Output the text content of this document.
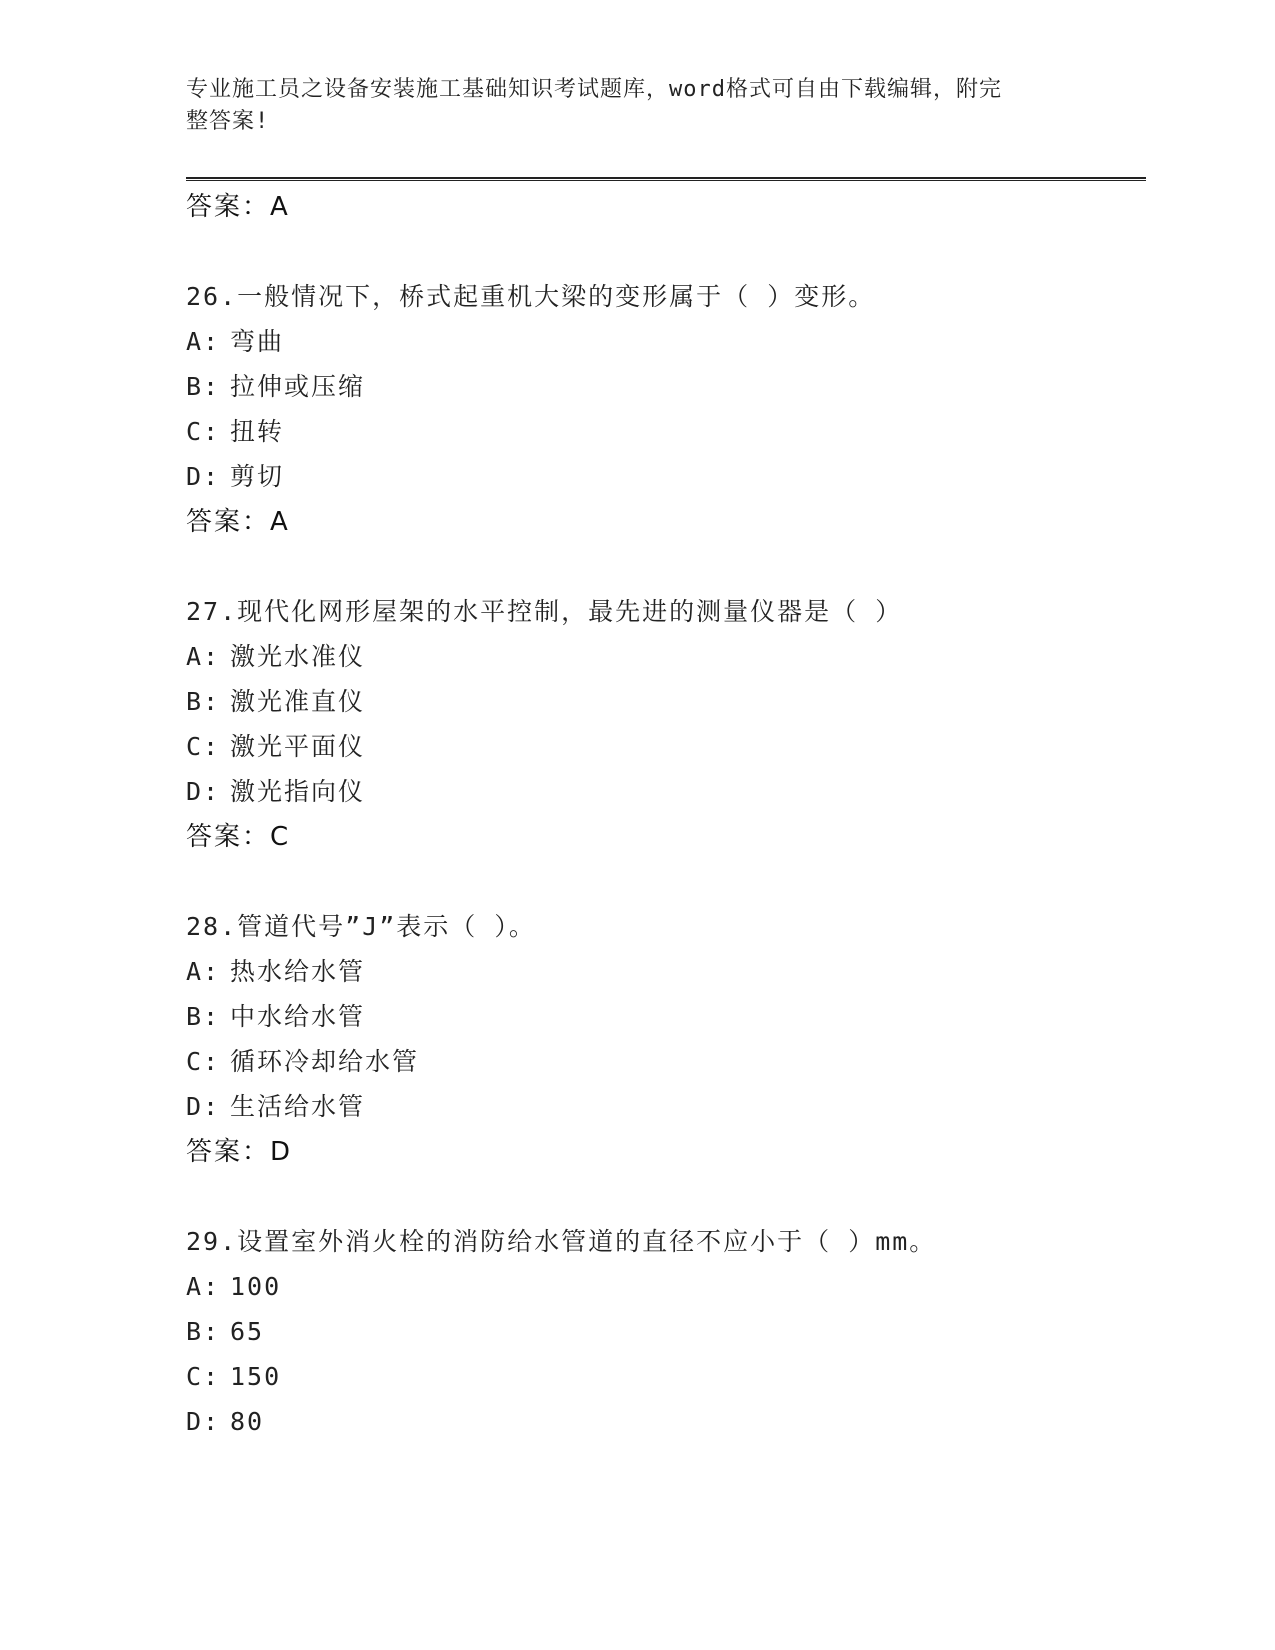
专业施工员之设备安装施工基础知识考试题库，word格式可自由下载编辑，附完
整答案!
答案：A
26.一般情况下，桥式起重机大梁的变形属于（ ）变形。
A: 弯曲
B: 拉伸或压缩
C: 扭转
D: 剪切
答案：A
27.现代化网形屋架的水平控制，最先进的测量仪器是（ ）
A: 激光水准仪
B: 激光准直仪
C: 激光平面仪
D: 激光指向仪
答案：C
28.管道代号”J”表示（ ）。
A: 热水给水管
B: 中水给水管
C: 循环冷却给水管
D: 生活给水管
答案：D
29.设置室外消火栓的消防给水管道的直径不应小于（ ）mm。
A: 100
B: 65
C: 150
D: 80
